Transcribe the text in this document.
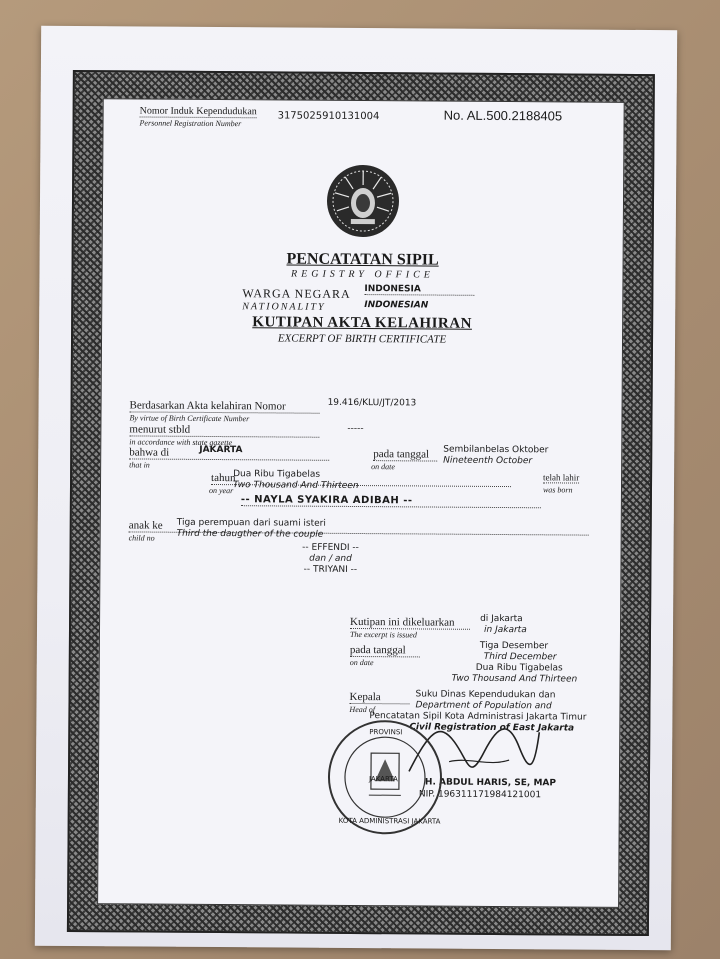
Nomor Induk Kependudukan
Personnel Registration Number
3175025910131004	No. AL.500.2188405
PENCATATAN SIPIL
REGISTRY OFFICE
WARGA NEGARA
NATIONALITY
INDONESIA
INDONESIAN
KUTIPAN AKTA KELAHIRAN
EXCERPT OF BIRTH CERTIFICATE
Berdasarkan Akta kelahiran Nomor
By virtue of Birth Certificate Number
19.416/KLU/JT/2013
menurut stbld
in accordance with state gazette
-----
bahwa di
that in
JAKARTA	pada tanggal
on date
Sembilanbelas Oktober
Nineteenth October
tahun
on year
Dua Ribu Tigabelas
Two Thousand And Thirteen
telah lahir
was born
-- NAYLA SYAKIRA ADIBAH --
anak ke
child no
Tiga perempuan dari suami isteri
Third the daugther of the couple
-- EFFENDI --
dan / and
-- TRIYANI --
Kutipan ini dikeluarkan
The excerpt is issued
di Jakarta
in Jakarta
pada tanggal
on date
Tiga Desember
Third December
Dua Ribu Tigabelas
Two Thousand And Thirteen
Kepala
Head of
Suku Dinas Kependudukan dan
Department of Population and
Pencatatan Sipil Kota Administrasi Jakarta Timur
Civil Registration of East Jakarta
H. ABDUL HARIS, SE, MAP
NIP. 196311171984121001
PROVINSI
JAKARTA
KOTA ADMINISTRASI JAKARTA
